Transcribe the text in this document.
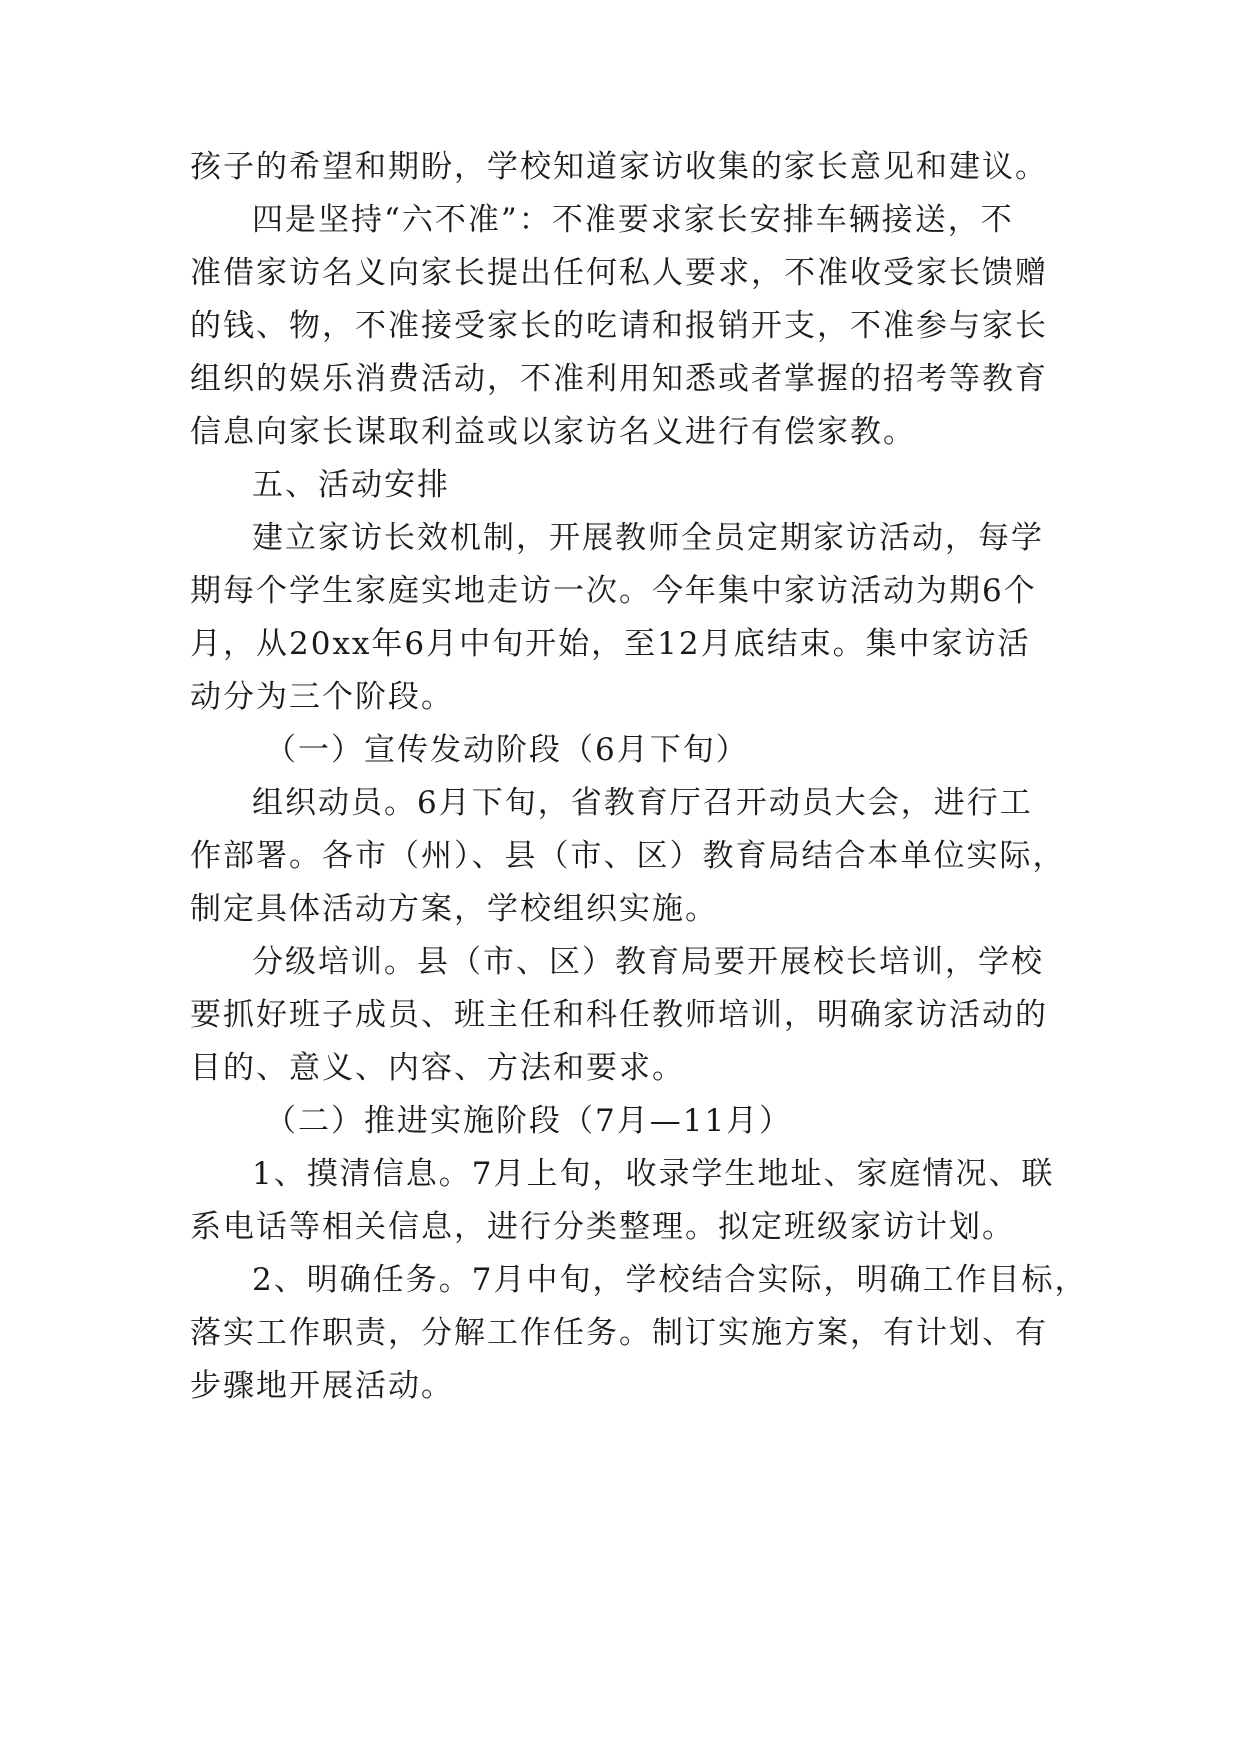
孩子的希望和期盼，学校知道家访收集的家长意见和建议。
四是坚持“六不准”：不准要求家长安排车辆接送，不
准借家访名义向家长提出任何私人要求，不准收受家长馈赠
的钱、物，不准接受家长的吃请和报销开支，不准参与家长
组织的娱乐消费活动，不准利用知悉或者掌握的招考等教育
信息向家长谋取利益或以家访名义进行有偿家教。
五、活动安排
建立家访长效机制，开展教师全员定期家访活动，每学
期每个学生家庭实地走访一次。今年集中家访活动为期6个
月，从20xx年6月中旬开始，至12月底结束。集中家访活
动分为三个阶段。
（一）宣传发动阶段（6月下旬）
组织动员。6月下旬，省教育厅召开动员大会，进行工
作部署。各市（州）、县（市、区）教育局结合本单位实际，
制定具体活动方案，学校组织实施。
分级培训。县（市、区）教育局要开展校长培训，学校
要抓好班子成员、班主任和科任教师培训，明确家访活动的
目的、意义、内容、方法和要求。
（二）推进实施阶段（7月—11月）
1、摸清信息。7月上旬，收录学生地址、家庭情况、联
系电话等相关信息，进行分类整理。拟定班级家访计划。
2、明确任务。7月中旬，学校结合实际，明确工作目标，
落实工作职责，分解工作任务。制订实施方案，有计划、有
步骤地开展活动。
